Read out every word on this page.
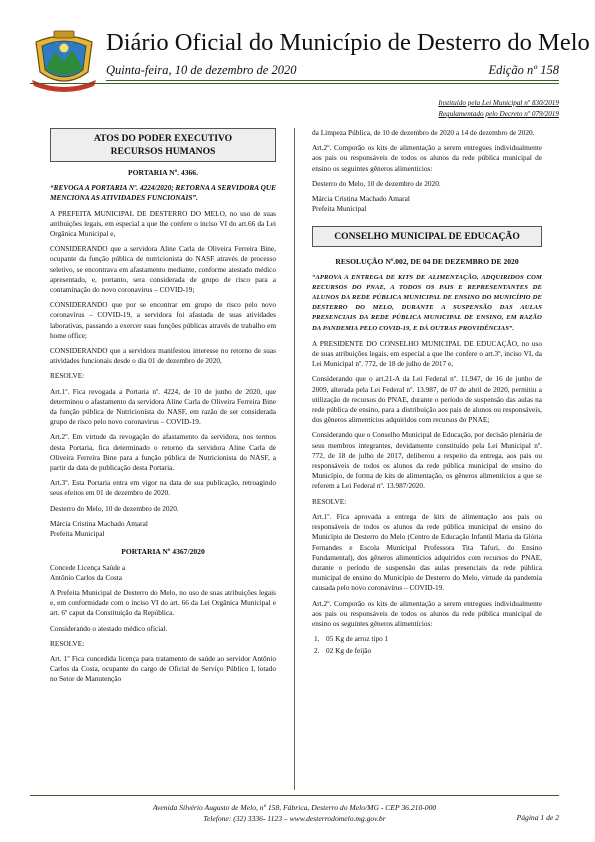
Diário Oficial do Município de Desterro do Melo
Quinta-feira, 10 de dezembro de 2020	Edição nº 158
Instituído pela Lei Municipal nº 830/2019
Regulamentado pelo Decreto nº 079/2019
ATOS DO PODER EXECUTIVO
RECURSOS HUMANOS

PORTARIA Nº. 4366.

“REVOGA A PORTARIA Nº. 4224/2020; RETORNA A SERVIDORA QUE MENCIONA AS ATIVIDADES FUNCIONAIS”.

A PREFEITA MUNICIPAL DE DESTERRO DO MELO, no uso de suas atribuições legais, em especial a que lhe confere o inciso VI do art.66 da Lei Orgânica Municipal e,

CONSIDERANDO que a servidora Aline Carla de Oliveira Ferreira Bine, ocupante da função pública de nutricionista do NASF através de processo seletivo, se encontrava em afastamento mediante, conforme atestado médico apresentado, e, portanto, sera considerada de grupo de risco para a contaminação do novo coronavirus – COVID-19;

CONSIDERANDO que por se encontrar em grupo de risco pelo novo coronavírus – COVID-19, a servidora foi afastada de suas atividades laborativas, passando a exercer suas funções públicas através de trabalho em home office;

CONSIDERANDO que a servidora manifestou interesse no retorno de suas atividades funcionais desde o dia 01 de dezembro de 2020,

RESOLVE:

Art.1º. Fica revogada a Portaria nº. 4224, de 10 de junho de 2020, que determinou o afastamento da servidora Aline Carla de Oliveira Ferreira Bine da função pública de Nutricionista do NASF, em razão de ser considerada grupo de risco pelo novo coronavirus – COVID-19.

Art.2º. Em virtude da revogação do afastamento da servidora, nos termos desta Portaria, fica determinado o retorno da servidora Aline Carla de Oliveira Ferreira Bine para a função pública de Nutricionista do NASF, a partir da data de publicação desta Portaria.

Art.3º. Esta Portaria entra em vigor na data de sua publicação, retroagindo seus efeitos em 01 de dezembro de 2020.

Desterro do Melo, 10 de dezembro de 2020.

Márcia Cristina Machado Amaral

Prefeita Municipal

PORTARIA Nº 4367/2020

Concede Licença Saúde a

Antônio Carlos da Costa

A Prefeita Municipal de Desterro do Melo, no uso de suas atribuições legais e, em conformidade com o inciso VI do art. 66 da Lei Orgânica Municipal e art. 6º caput da Constituição da República.

Considerando o atestado médico oficial.

RESOLVE:

Art. 1º Fica concedida licença para tratamento de saúde ao servidor Antônio Carlos da Costa, ocupante do cargo de Oficial de Serviço Público I, lotado no Setor de Manutenção

da Limpeza Pública, de 10 de dezembro de 2020 a 14 de dezembro de 2020.

Art.2º. Comporão os kits de alimentação a serem entregues individualmente aos pais ou responsáveis de todos os alunos da rede pública municipal de ensino os seguintes gêneros alimentícios:

Desterro do Melo, 10 de dezembro de 2020.

Márcia Cristina Machado Amaral

Prefeita Municipal

CONSELHO MUNICIPAL DE EDUCAÇÃO

RESOLUÇÃO Nº.002, DE 04 DE DEZEMBRO DE 2020

“APROVA A ENTREGA DE KITS DE ALIMENTAÇÃO, ADQUIRIDOS COM RECURSOS DO PNAE, A TODOS OS PAIS E REPRESENTANTES DE ALUNOS DA REDE PÚBLICA MUNICIPAL DE ENSINO DO MUNICÍPIO DE DESTERRO DO MELO, DURANTE A SUSPENSÃO DAS AULAS PRESENCIAIS DA REDE PÚBLICA MUNICIPAL DE ENSINO, EM RAZÃO DA PANDEMIA PELO COVID-19, E DÁ OUTRAS PROVIDÊNCIAS”.

A PRESIDENTE DO CONSELHO MUNICIPAL DE EDUCAÇÃO, no uso de suas atribuições legais, em especial a que lhe confere o art.3º, inciso VI, da Lei Municipal nº. 772, de 18 de julho de 2017 e,

Considerando que o art.21-A da Lei Federal nº. 11.947, de 16 de junho de 2009, alterada pela Lei Federal nº. 13.987, de 07 de abril de 2020, permitiu a utilização de recursos do PNAE, durante o período de suspensão das aulas na rede pública de ensino, para a distribuição aos pais de alunos ou responsáveis, dos gêneros alimentícios adquiridos com recursos do PNAE;

Considerando que o Conselho Municipal de Educação, por decisão plenária de seus membros integrantes, devidamente constituído pela Lei Municipal nº. 772, de 18 de julho de 2017, deliberou a respeito da entrega, aos pais ou responsáveis de todos os alunos da rede pública municipal de ensino do Município, de forma de kits de alimentação, os gêneros alimentícios a que se referem a Lei Federal nº. 13.987/2020.

RESOLVE:

Art.1º. Fica aprovada a entrega de kits de alimentação aos pais ou responsáveis de todos os alunos da rede pública municipal de ensino do Município de Desterro do Melo (Centro de Educação Infantil Maria da Glória Fernandes e Escola Municipal Professora Tita Tafuri, do Ensino Fundamental), dos gêneros alimentícios adquiridos com recursos do PNAE, durante o período de suspensão das aulas presenciais da rede pública municipal de ensino do Município de Desterro do Melo, virtude da pandemia causada pelo novo coronavírus – COVID-19.

Art.2º. Comporão os kits de alimentação a serem entregues individualmente aos pais ou responsáveis de todos os alunos da rede pública municipal de ensino os seguintes gêneros alimentícios:

1. 05 Kg de arroz tipo 1
2. 02 Kg de feijão
Avenida Silvério Augusto de Melo, nº 158, Fábrica, Desterro do Melo/MG - CEP 36.210-000
Telefone: (32) 3336- 1123 – www.desterrodomelo.mg.gov.br	Página 1 de 2
